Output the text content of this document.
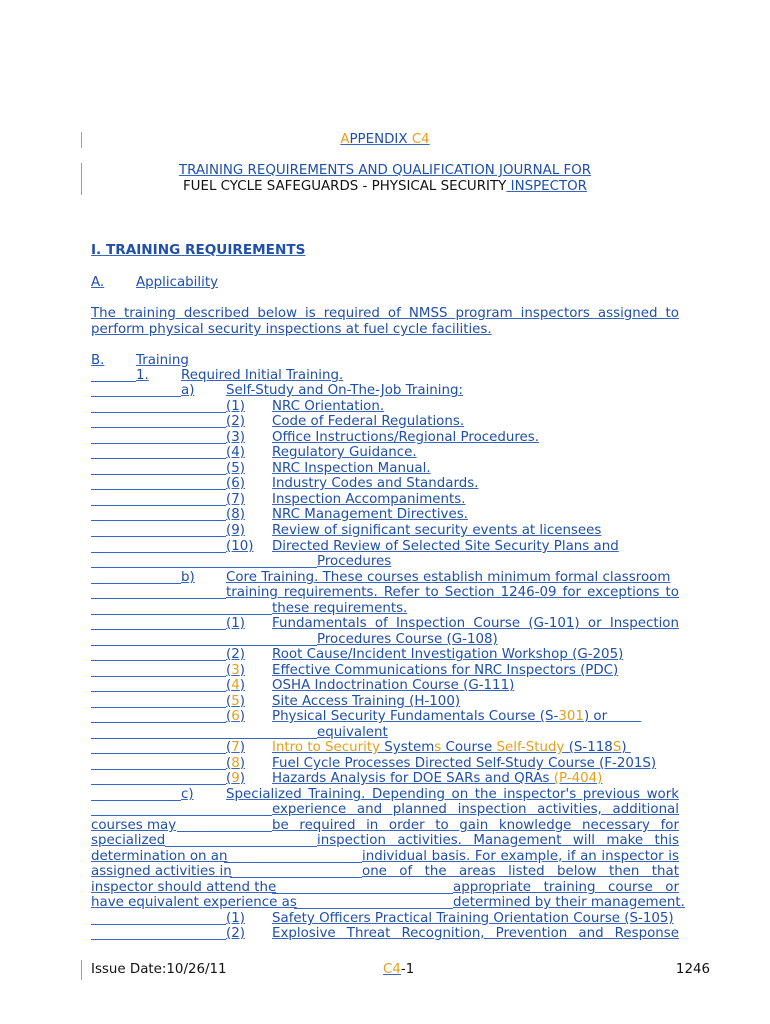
APPENDIX C4
TRAINING REQUIREMENTS AND QUALIFICATION JOURNAL FOR
FUEL CYCLE SAFEGUARDS - PHYSICAL SECURITY INSPECTOR
I. TRAINING REQUIREMENTS
A. Applicability
The training described below is required of NMSS program inspectors assigned to
perform physical security inspections at fuel cycle facilities.
B. Training
1. Required Initial Training.
a) Self-Study and On-The-Job Training:
(1) NRC Orientation.
(2) Code of Federal Regulations.
(3) Office Instructions/Regional Procedures.
(4) Regulatory Guidance.
(5) NRC Inspection Manual.
(6) Industry Codes and Standards.
(7) Inspection Accompaniments.
(8) NRC Management Directives.
(9) Review of significant security events at licensees
(10) Directed Review of Selected Site Security Plans and
Procedures
b) Core Training. These courses establish minimum formal classroom
training requirements. Refer to Section 1246-09 for exceptions to
these requirements.
(1) Fundamentals of Inspection Course (G-101) or Inspection
Procedures Course (G-108)
(2) Root Cause/Incident Investigation Workshop (G-205)
(3) Effective Communications for NRC Inspectors (PDC)
(4) OSHA Indoctrination Course (G-111)
(5) Site Access Training (H-100)
(6) Physical Security Fundamentals Course (S-301) or
equivalent
(7) Intro to Security Systems Course Self-Study (S-118S)
(8) Fuel Cycle Processes Directed Self-Study Course (F-201S)
(9) Hazards Analysis for DOE SARs and QRAs (P-404)
c) Specialized Training. Depending on the inspector's previous work
experience and planned inspection activities, additional
courses may	be required in order to gain knowledge necessary for
specialized	inspection activities. Management will make this
determination on an	individual basis. For example, if an inspector is
assigned activities in	one of the areas listed below then that
inspector should attend the	appropriate training course or
have equivalent experience as	determined by their management.
(1) Safety Officers Practical Training Orientation Course (S-105)
(2) Explosive Threat Recognition, Prevention and Response
Issue Date:10/26/11	C4-1	1246
